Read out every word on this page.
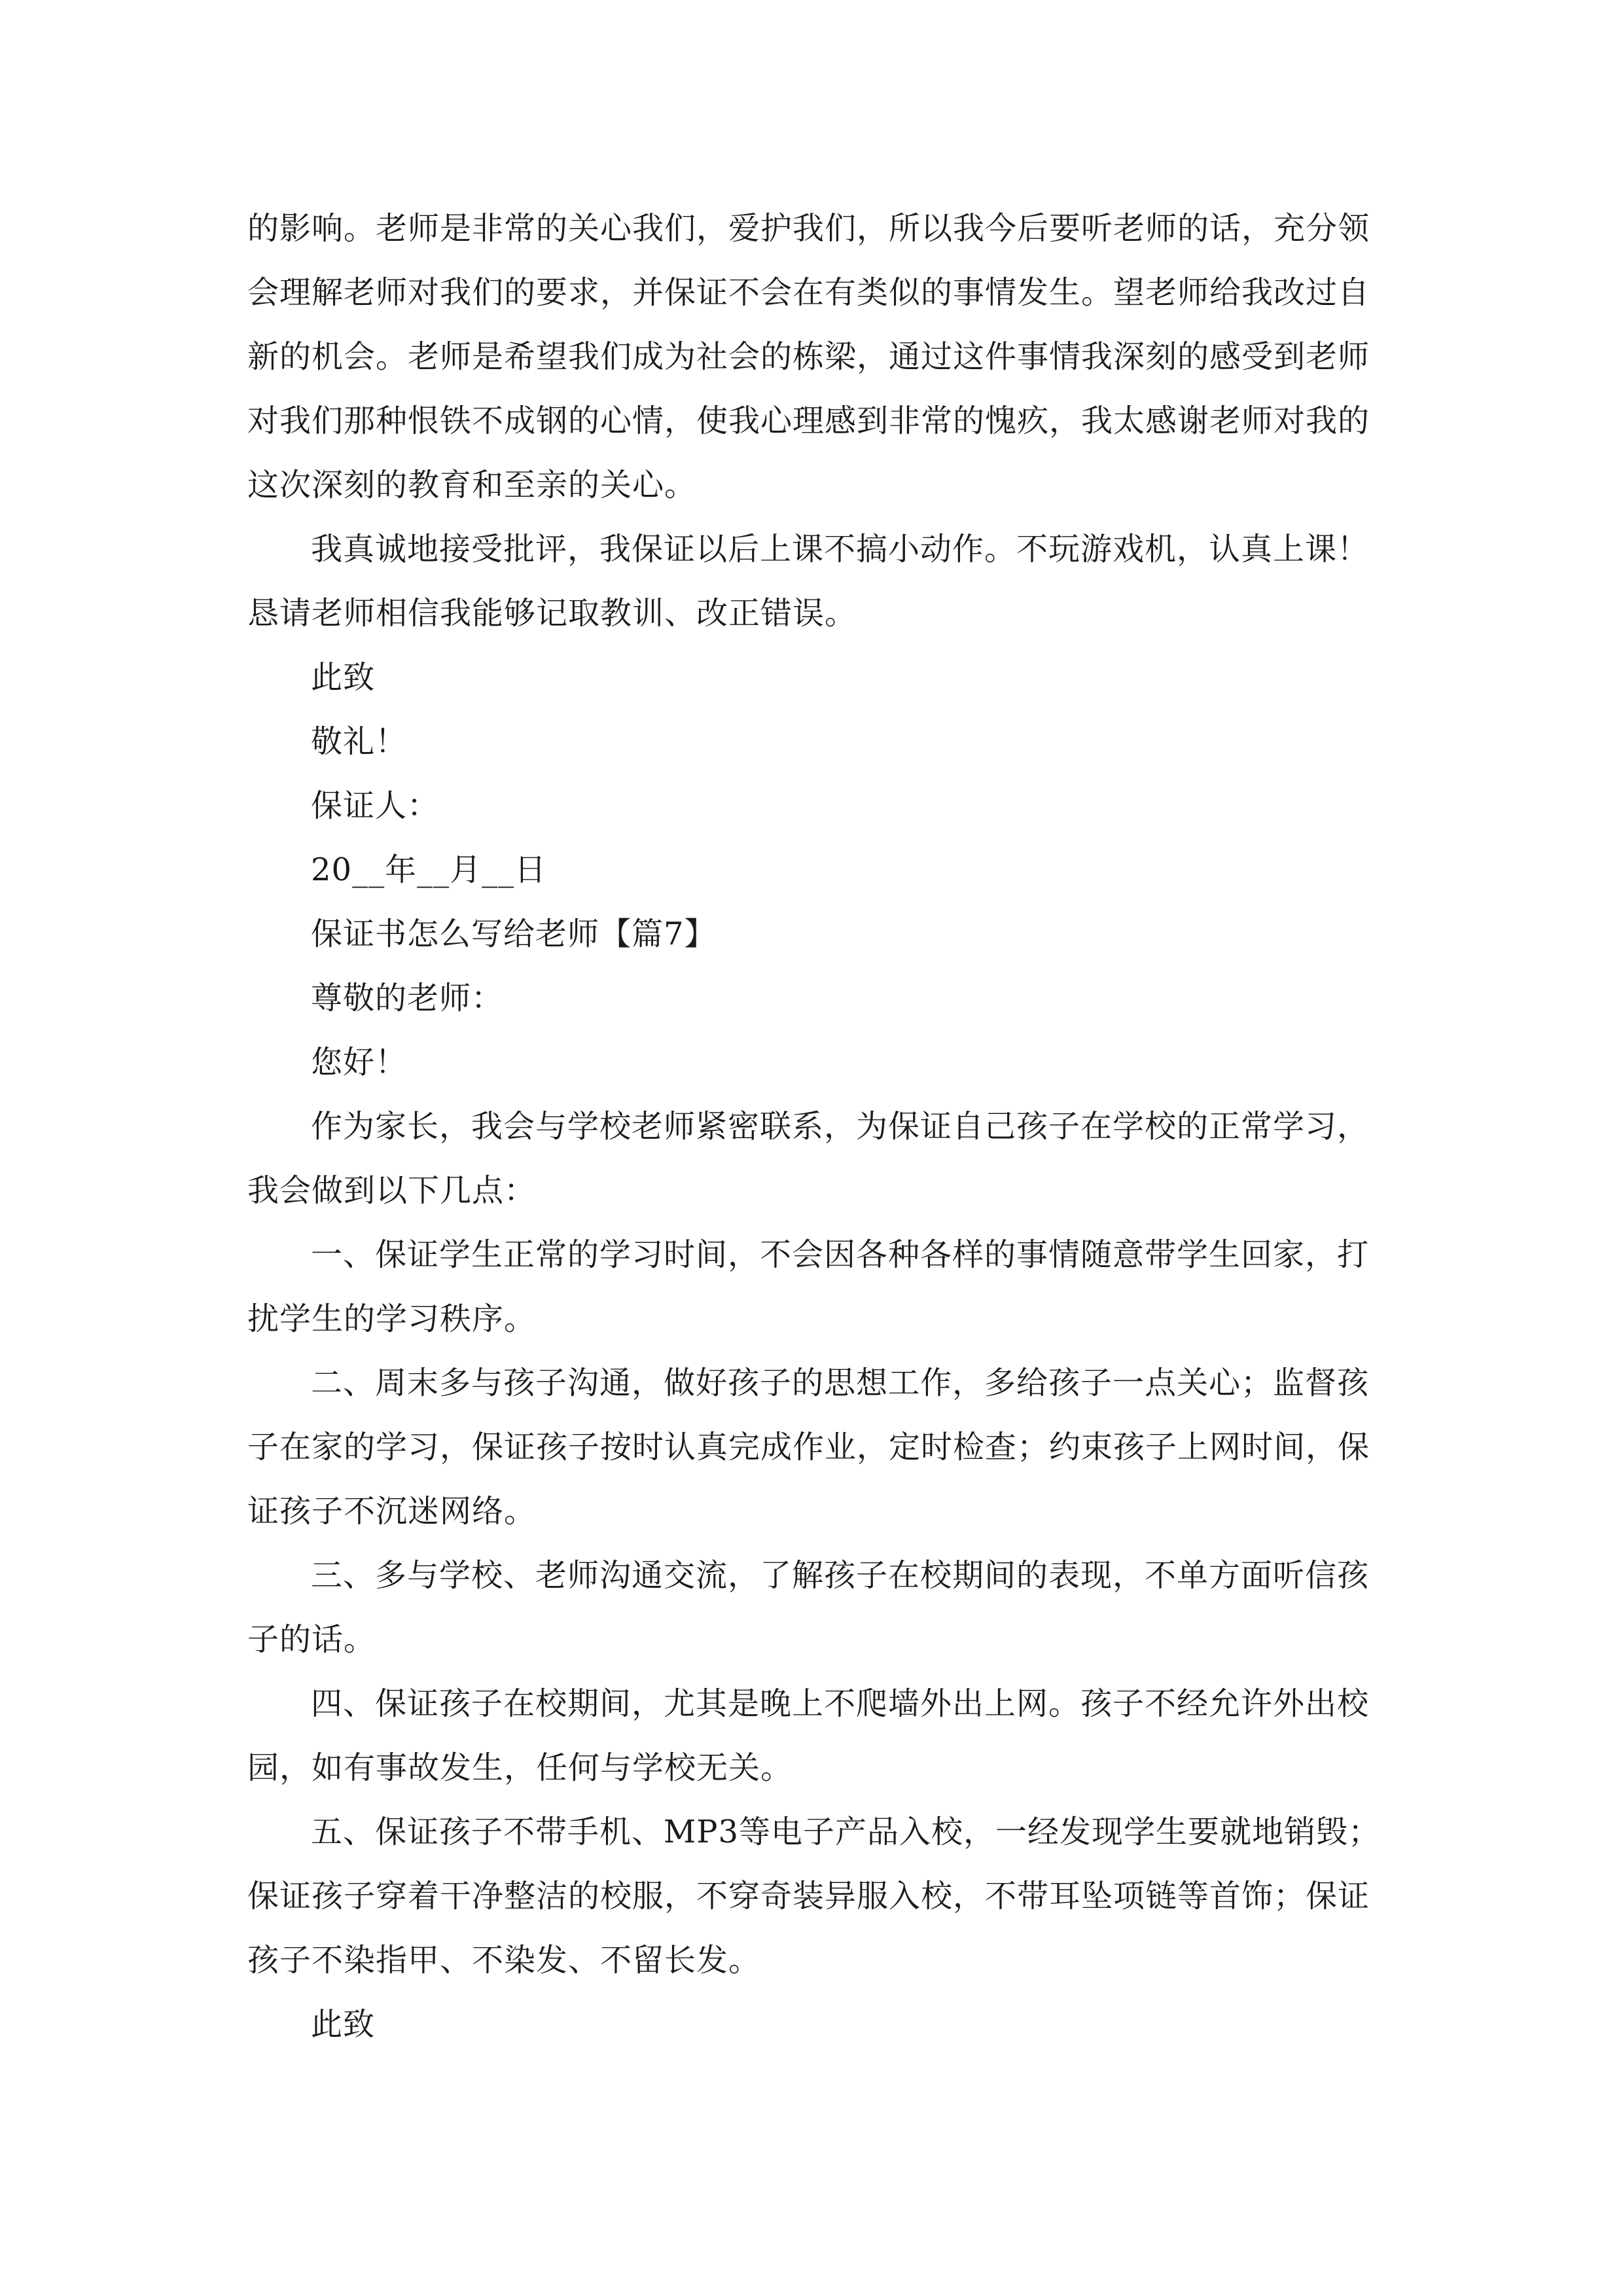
的影响。老师是非常的关心我们，爱护我们，所以我今后要听老师的话，充分领
会理解老师对我们的要求，并保证不会在有类似的事情发生。望老师给我改过自
新的机会。老师是希望我们成为社会的栋梁，通过这件事情我深刻的感受到老师
对我们那种恨铁不成钢的心情，使我心理感到非常的愧疚，我太感谢老师对我的
这次深刻的教育和至亲的关心。
我真诚地接受批评，我保证以后上课不搞小动作。不玩游戏机，认真上课！
恳请老师相信我能够记取教训、改正错误。
此致
敬礼！
保证人：
20__年__月__日
保证书怎么写给老师【篇7】
尊敬的老师：
您好！
作为家长，我会与学校老师紧密联系，为保证自己孩子在学校的正常学习，
我会做到以下几点：
一、保证学生正常的学习时间，不会因各种各样的事情随意带学生回家，打
扰学生的学习秩序。
二、周末多与孩子沟通，做好孩子的思想工作，多给孩子一点关心；监督孩
子在家的学习，保证孩子按时认真完成作业，定时检查；约束孩子上网时间，保
证孩子不沉迷网络。
三、多与学校、老师沟通交流，了解孩子在校期间的表现，不单方面听信孩
子的话。
四、保证孩子在校期间，尤其是晚上不爬墙外出上网。孩子不经允许外出校
园，如有事故发生，任何与学校无关。
五、保证孩子不带手机、MP3等电子产品入校，一经发现学生要就地销毁；
保证孩子穿着干净整洁的校服，不穿奇装异服入校，不带耳坠项链等首饰；保证
孩子不染指甲、不染发、不留长发。
此致
